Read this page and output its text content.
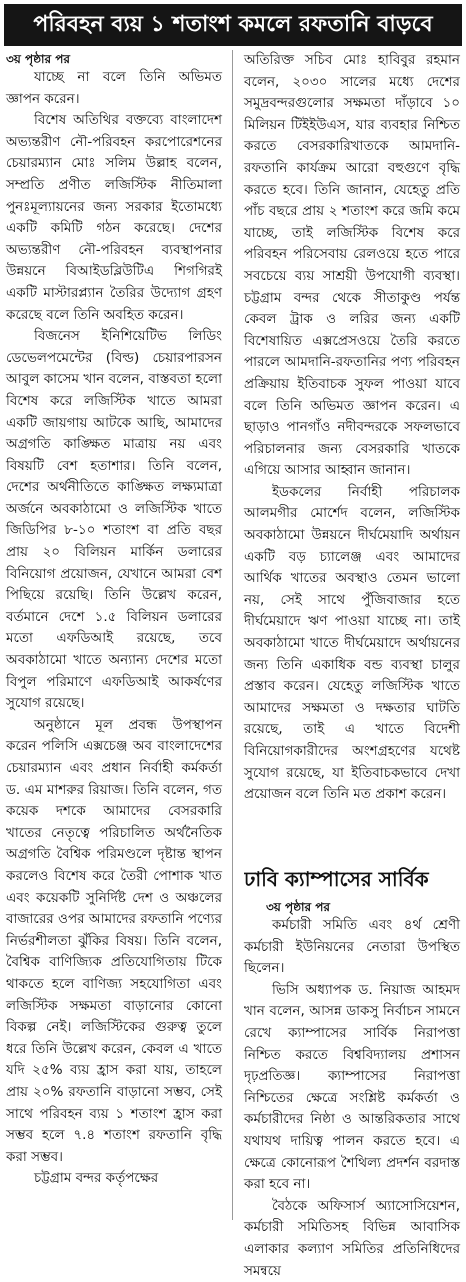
পরিবহন ব্যয় ১ শতাংশ কমলে রফতানি বাড়বে
৩য় পৃষ্ঠার পর

যাচ্ছে না বলে তিনি অভিমত জ্ঞাপন করেন।

বিশেষ অতিথির বক্তব্যে বাংলাদেশ অভ্যন্তরীণ নৌ-পরিবহন করপোরেশনের চেয়ারম্যান মোঃ সলিম উল্লাহ বলেন, সম্প্রতি প্রণীত লজিস্টিক নীতিমালা পুনঃমূল্যায়নের জন্য সরকার ইতোমধ্যে একটি কমিটি গঠন করেছে। দেশের অভ্যন্তরীণ নৌ-পরিবহন ব্যবস্থাপনার উন্নয়নে বিআইডব্লিউটিএ শিগগিরই একটি মাস্টারপ্ল্যান তৈরির উদ্যোগ গ্রহণ করেছে বলে তিনি অবহিত করেন।

বিজনেস ইনিশিয়েটিভ লিডিং ডেভেলপমেন্টের (বিল্ড) চেয়ারপারসন আবুল কাসেম খান বলেন, বাস্তবতা হলো বিশেষ করে লজিস্টিক খাতে আমরা একটি জায়গায় আটকে আছি, আমাদের অগ্রগতি কাঙ্ক্ষিত মাত্রায় নয় এবং বিষয়টি বেশ হতাশার। তিনি বলেন, দেশের অর্থনীতিতে কাঙ্ক্ষিত লক্ষ্যমাত্রা অর্জনে অবকাঠামো ও লজিস্টিক খাতে জিডিপির ৮-১০ শতাংশ বা প্রতি বছর প্রায় ২০ বিলিয়ন মার্কিন ডলারের বিনিয়োগ প্রয়োজন, যেখানে আমরা বেশ পিছিয়ে রয়েছি। তিনি উল্লেখ করেন, বর্তমানে দেশে ১.৫ বিলিয়ন ডলারের মতো এফডিআই রয়েছে, তবে অবকাঠামো খাতে অন্যান্য দেশের মতো বিপুল পরিমাণে এফডিআই আকর্ষণের সুযোগ রয়েছে।

অনুষ্ঠানে মূল প্রবন্ধ উপস্থাপন করেন পলিসি এক্সচেঞ্জ অব বাংলাদেশের চেয়ারম্যান এবং প্রধান নির্বাহী কর্মকর্তা ড. এম মাশরুর রিয়াজ। তিনি বলেন, গত কয়েক দশকে আমাদের বেসরকারি খাতের নেতৃত্বে পরিচালিত অর্থনৈতিক অগ্রগতি বৈশ্বিক পরিমণ্ডলে দৃষ্টান্ত স্থাপন করলেও বিশেষ করে তৈরী পোশাক খাত এবং কয়েকটি সুনির্দিষ্ট দেশ ও অঞ্চলের বাজারের ওপর আমাদের রফতানি পণ্যের নির্ভরশীলতা ঝুঁকির বিষয়। তিনি বলেন, বৈশ্বিক বাণিজ্যিক প্রতিযোগিতায় টিকে থাকতে হলে বাণিজ্য সহযোগিতা এবং লজিস্টিক সক্ষমতা বাড়ানোর কোনো বিকল্প নেই। লজিস্টিকের গুরুত্ব তুলে ধরে তিনি উল্লেখ করেন, কেবল এ খাতে যদি ২৫% ব্যয় হ্রাস করা যায়, তাহলে প্রায় ২০% রফতানি বাড়ানো সম্ভব, সেই সাথে পরিবহন ব্যয় ১ শতাংশ হ্রাস করা সম্ভব হলে ৭.৪ শতাংশ রফতানি বৃদ্ধি করা সম্ভব।

চট্টগ্রাম বন্দর কর্তৃপক্ষের

অতিরিক্ত সচিব মোঃ হাবিবুর রহমান বলেন, ২০৩০ সালের মধ্যে দেশের সমুদ্রবন্দরগুলোর সক্ষমতা দাঁড়াবে ১০ মিলিয়ন টিইইউএস, যার ব্যবহার নিশ্চিত করতে বেসরকারিখাতকে আমদানি-রফতানি কার্যক্রম আরো বহুগুণে বৃদ্ধি করতে হবে। তিনি জানান, যেহেতু প্রতি পাঁচ বছরে প্রায় ২ শতাংশ করে জমি কমে যাচ্ছে, তাই লজিস্টিক বিশেষ করে পরিবহন পরিসেবায় রেলওয়ে হতে পারে সবচেয়ে ব্যয় সাশ্রয়ী উপযোগী ব্যবস্থা। চট্টগ্রাম বন্দর থেকে সীতাকুণ্ড পর্যন্ত কেবল ট্রাক ও লরির জন্য একটি বিশেষায়িত এক্সপ্রেসওয়ে তৈরি করতে পারলে আমদানি-রফতানির পণ্য পরিবহন প্রক্রিয়ায় ইতিবাচক সুফল পাওয়া যাবে বলে তিনি অভিমত জ্ঞাপন করেন। এ ছাড়াও পানগাঁও নদীবন্দরকে সফলভাবে পরিচালনার জন্য বেসরকারি খাতকে এগিয়ে আসার আহ্বান জানান।

ইডকলের নির্বাহী পরিচালক আলমগীর মোর্শেদ বলেন, লজিস্টিক অবকাঠামো উন্নয়নে দীর্ঘমেয়াদি অর্থায়ন একটি বড় চ্যালেঞ্জ এবং আমাদের আর্থিক খাতের অবস্থাও তেমন ভালো নয়, সেই সাথে পুঁজিবাজার হতে দীর্ঘমেয়াদে ঋণ পাওয়া যাচ্ছে না। তাই অবকাঠামো খাতে দীর্ঘমেয়াদে অর্থায়নের জন্য তিনি একাধিক বন্ড ব্যবস্থা চালুর প্রস্তাব করেন। যেহেতু লজিস্টিক খাতে আমাদের সক্ষমতা ও দক্ষতার ঘাটতি রয়েছে, তাই এ খাতে বিদেশী বিনিয়োগকারীদের অংশগ্রহণের যথেষ্ট সুযোগ রয়েছে, যা ইতিবাচকভাবে দেখা প্রয়োজন বলে তিনি মত প্রকাশ করেন।

ঢাবি ক্যাম্পাসের সার্বিক
৩য় পৃষ্ঠার পর

কর্মচারী সমিতি এবং ৪র্থ শ্রেণী কর্মচারী ইউনিয়নের নেতারা উপস্থিত ছিলেন।

ভিসি অধ্যাপক ড. নিয়াজ আহমদ খান বলেন, আসন্ন ডাকসু নির্বাচন সামনে রেখে ক্যাম্পাসের সার্বিক নিরাপত্তা নিশ্চিত করতে বিশ্ববিদ্যালয় প্রশাসন দৃঢ়প্রতিজ্ঞ। ক্যাম্পাসের নিরাপত্তা নিশ্চিতের ক্ষেত্রে সংশ্লিষ্ট কর্মকর্তা ও কর্মচারীদের নিষ্ঠা ও আন্তরিকতার সাথে যথাযথ দায়িত্ব পালন করতে হবে। এ ক্ষেত্রে কোনোরূপ শৈথিল্য প্রদর্শন বরদাস্ত করা হবে না।

বৈঠকে অফিসার্স অ্যাসোসিয়েশন, কর্মচারী সমিতিসহ বিভিন্ন আবাসিক এলাকার কল্যাণ সমিতির প্রতিনিধিদের সমন্বয়ে
